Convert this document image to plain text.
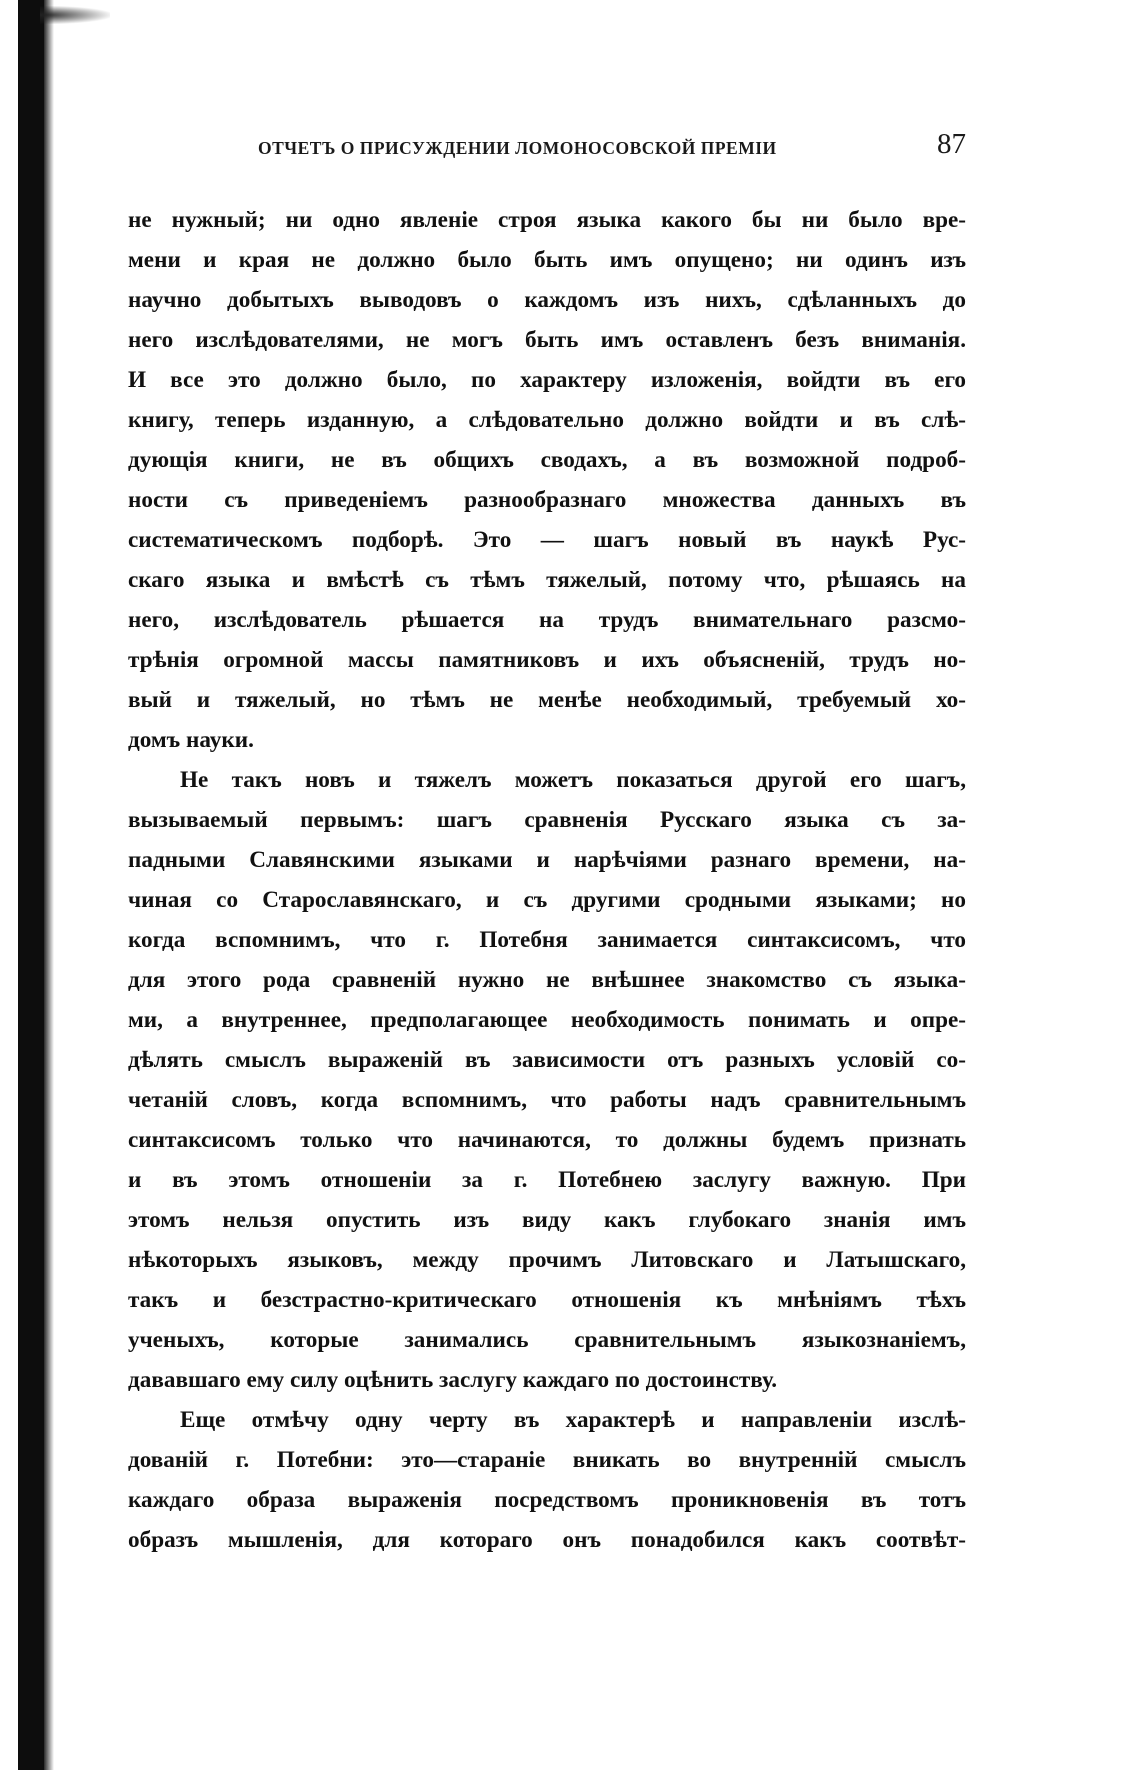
ОТЧЕТЪ О ПРИСУЖДЕНИИ ЛОМОНОСОВСКОЙ ПРЕМІИ	87
не нужный; ни одно явленіе строя языка какого бы ни было вре-
мени и края не должно было быть имъ опущено; ни одинъ изъ
научно добытыхъ выводовъ о каждомъ изъ нихъ, сдѣланныхъ до
него изслѣдователями, не могъ быть имъ оставленъ безъ вниманія.
И все это должно было, по характеру изложенія, войдти въ его
книгу, теперь изданную, а слѣдовательно должно войдти и въ слѣ-
дующія книги, не въ общихъ сводахъ, а въ возможной подроб-
ности съ приведеніемъ разнообразнаго множества данныхъ въ
систематическомъ подборѣ. Это — шагъ новый въ наукѣ Рус-
скаго языка и вмѣстѣ съ тѣмъ тяжелый, потому что, рѣшаясь на
него, изслѣдователь рѣшается на трудъ внимательнаго разсмо-
трѣнія огромной массы памятниковъ и ихъ объясненій, трудъ но-
вый и тяжелый, но тѣмъ не менѣе необходимый, требуемый хо-
домъ науки.
Не такъ новъ и тяжелъ можетъ показаться другой его шагъ,
вызываемый первымъ: шагъ сравненія Русскаго языка съ за-
падными Славянскими языками и нарѣчіями разнаго времени, на-
чиная со Старославянскаго, и съ другими сродными языками; но
когда вспомнимъ, что г. Потебня занимается синтаксисомъ, что
для этого рода сравненій нужно не внѣшнее знакомство съ языка-
ми, а внутреннее, предполагающее необходимость понимать и опре-
дѣлять смыслъ выраженій въ зависимости отъ разныхъ условій со-
четаній словъ, когда вспомнимъ, что работы надъ сравнительнымъ
синтаксисомъ только что начинаются, то должны будемъ признать
и въ этомъ отношеніи за г. Потебнею заслугу важную. При
этомъ нельзя опустить изъ виду какъ глубокаго знанія имъ
нѣкоторыхъ языковъ, между прочимъ Литовскаго и Латышскаго,
такъ и безстрастно-критическаго отношенія къ мнѣніямъ тѣхъ
ученыхъ, которые занимались сравнительнымъ языкознаніемъ,
дававшаго ему силу оцѣнить заслугу каждаго по достоинству.
Еще отмѣчу одну черту въ характерѣ и направленіи изслѣ-
дованій г. Потебни: это—стараніе вникать во внутренній смыслъ
каждаго образа выраженія посредствомъ проникновенія въ тотъ
образъ мышленія, для котораго онъ понадобился какъ соотвѣт-
